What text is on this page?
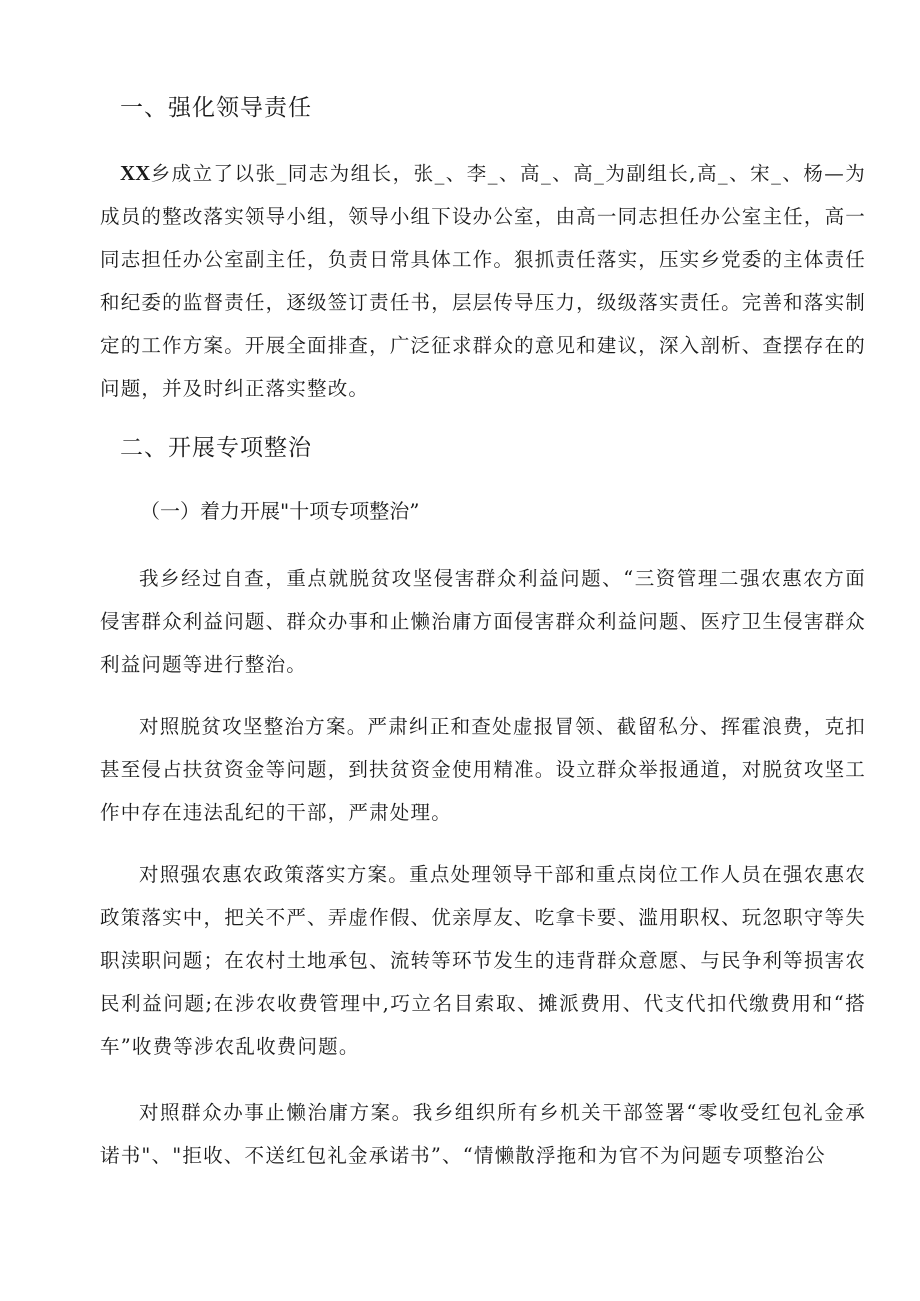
一、强化领导责任
XX乡成立了以张_同志为组长，张_、李_、高_、高_为副组长,高_、宋_、杨—为成员的整改落实领导小组，领导小组下设办公室，由高一同志担任办公室主任，高一同志担任办公室副主任，负责日常具体工作。狠抓责任落实，压实乡党委的主体责任和纪委的监督责任，逐级签订责任书，层层传导压力，级级落实责任。完善和落实制定的工作方案。开展全面排查，广泛征求群众的意见和建议，深入剖析、查摆存在的问题，并及时纠正落实整改。
二、开展专项整治
（一）着力开展"十项专项整治”
我乡经过自查，重点就脱贫攻坚侵害群众利益问题、“三资管理二强农惠农方面侵害群众利益问题、群众办事和止懒治庸方面侵害群众利益问题、医疗卫生侵害群众利益问题等进行整治。
对照脱贫攻坚整治方案。严肃纠正和查处虚报冒领、截留私分、挥霍浪费，克扣甚至侵占扶贫资金等问题，到扶贫资金使用精准。设立群众举报通道，对脱贫攻坚工作中存在违法乱纪的干部，严肃处理。
对照强农惠农政策落实方案。重点处理领导干部和重点岗位工作人员在强农惠农政策落实中，把关不严、弄虚作假、优亲厚友、吃拿卡要、滥用职权、玩忽职守等失职渎职问题；在农村土地承包、流转等环节发生的违背群众意愿、与民争利等损害农民利益问题;在涉农收费管理中,巧立名目索取、摊派费用、代支代扣代缴费用和“搭车”收费等涉农乱收费问题。
对照群众办事止懒治庸方案。我乡组织所有乡机关干部签署“零收受红包礼金承诺书"、"拒收、不送红包礼金承诺书”、“情懒散浮拖和为官不为问题专项整治公
